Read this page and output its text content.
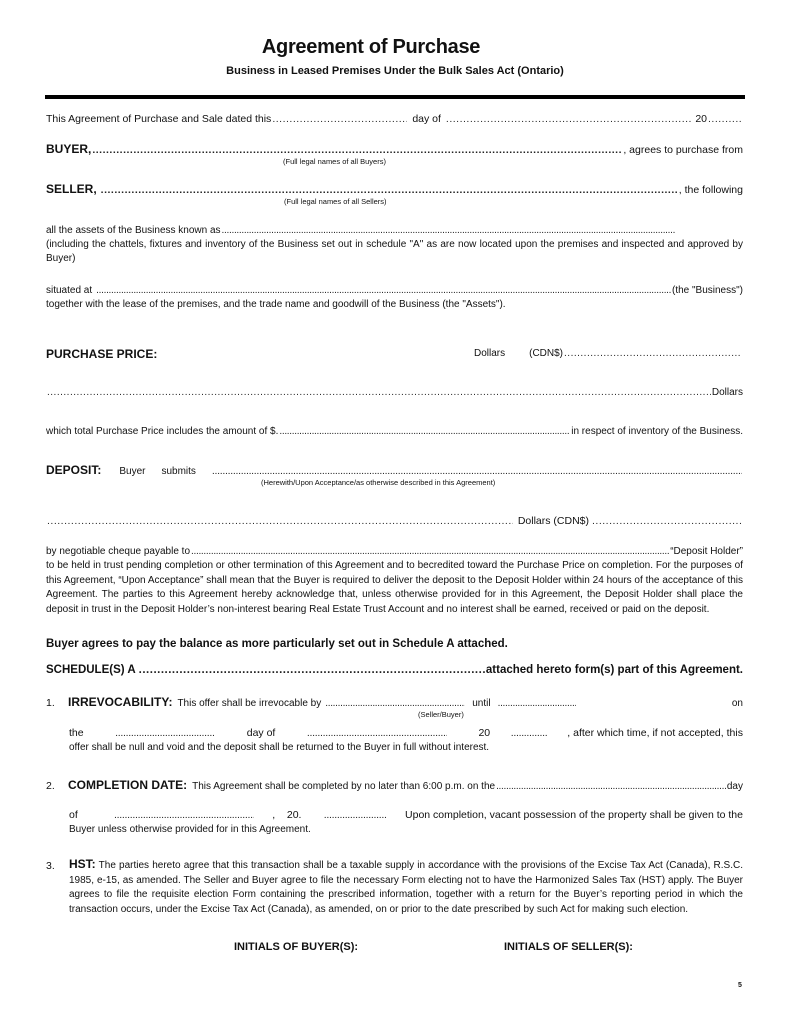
Agreement of Purchase
Business in Leased Premises Under the Bulk Sales Act (Ontario)
This Agreement of Purchase and Sale dated this .....	day of .....	20
.....
BUYER, .....	, agrees to purchase from
(Full legal names of all Buyers)
SELLER, .....	, the following
(Full legal names of all Sellers)
all the assets of the Business known as
.....
(including the chattels, fixtures and inventory of the Business set out in schedule "A" as are now located upon the premises and inspected and approved by Buyer)
situated at .....	(the "Business")
together with the lease of the premises, and the trade name and goodwill of the Business (the "Assets").
PURCHASE PRICE:	Dollars (CDN$)
.....
.....
Dollars
which total Purchase Price includes the amount of $. .....	in respect of inventory of the Business.
DEPOSIT: Buyer submits
.....
(Herewith/Upon Acceptance/as otherwise described in this Agreement)
.....
Dollars (CDN$)
.....
by negotiable cheque payable to .....	“Deposit Holder”
to be held in trust pending completion or other termination of this Agreement and to becredited toward the Purchase Price on completion. For the purposes of this Agreement, “Upon Acceptance” shall mean that the Buyer is required to deliver the deposit to the Deposit Holder within 24 hours of the acceptance of this Agreement. The parties to this Agreement hereby acknowledge that, unless otherwise provided for in this Agreement, the Deposit Holder shall place the deposit in trust in the Deposit Holder’s non-interest bearing Real Estate Trust Account and no interest shall be earned, received or paid on the deposit.
Buyer agrees to pay the balance as more particularly set out in Schedule A attached.
SCHEDULE(S) A .....	attached hereto form(s) part of this Agreement.
1. IRREVOCABILITY: This offer shall be irrevocable by .....	until .....	on
(Seller/Buyer)
the .....	day of .....	20 .....	, after which time, if not accepted, this
offer shall be null and void and the deposit shall be returned to the Buyer in full without interest.
2. COMPLETION DATE: This Agreement shall be completed by no later than 6:00 p.m. on the .....	day
of .....	,    20. .....	Upon completion, vacant possession of the property shall be given to the
Buyer unless otherwise provided for in this Agreement.
3. HST: The parties hereto agree that this transaction shall be a taxable supply in accordance with the provisions of the Excise Tax Act (Canada), R.S.C. 1985, e-15, as amended. The Seller and Buyer agree to file the necessary Form electing not to have the Harmonized Sales Tax (HST) apply. The Buyer agrees to file the requisite election Form containing the prescribed information, together with a return for the Buyer’s reporting period in which the transaction occurs, under the Excise Tax Act (Canada), as amended, on or prior to the date prescribed by such Act for making such election.
INITIALS OF BUYER(S):	INITIALS OF SELLER(S):
5
